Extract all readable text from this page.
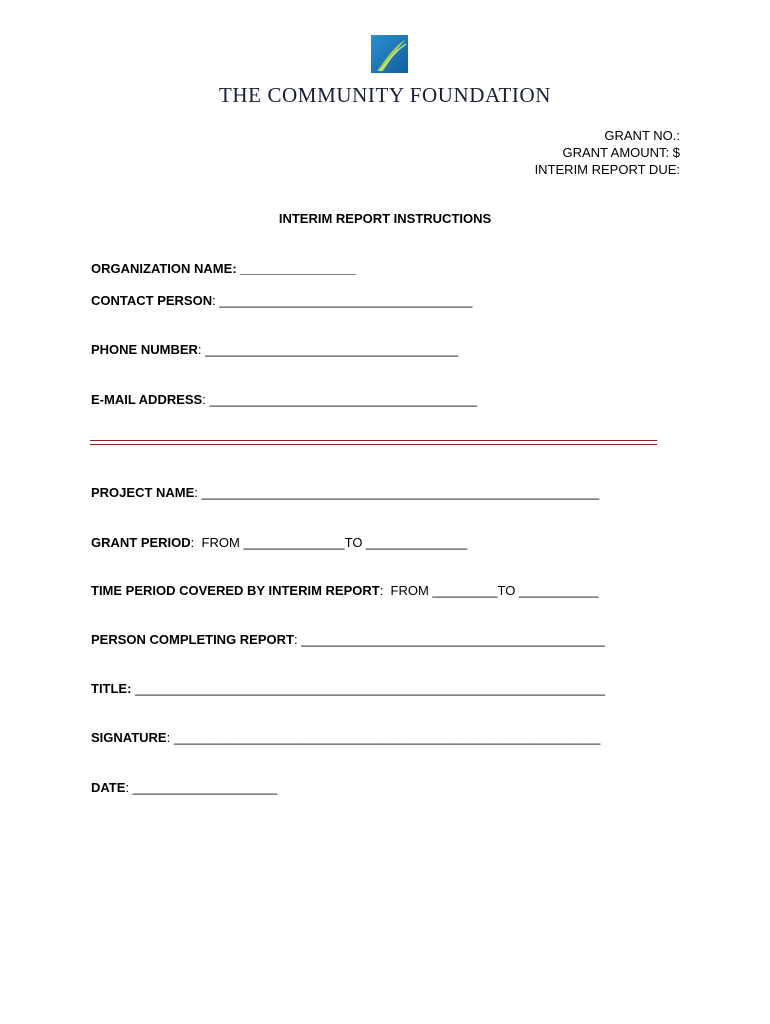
THE COMMUNITY FOUNDATION
GRANT NO.:
GRANT AMOUNT: $
INTERIM REPORT DUE:
INTERIM REPORT INSTRUCTIONS
ORGANIZATION NAME: ________________
CONTACT PERSON: ___________________________________
PHONE NUMBER: ___________________________________
E-MAIL ADDRESS: _____________________________________
PROJECT NAME: _______________________________________________________
GRANT PERIOD:  FROM ______________TO ______________
TIME PERIOD COVERED BY INTERIM REPORT:  FROM _________TO ___________
PERSON COMPLETING REPORT: __________________________________________
TITLE: _________________________________________________________________
SIGNATURE: ___________________________________________________________
DATE: ____________________
